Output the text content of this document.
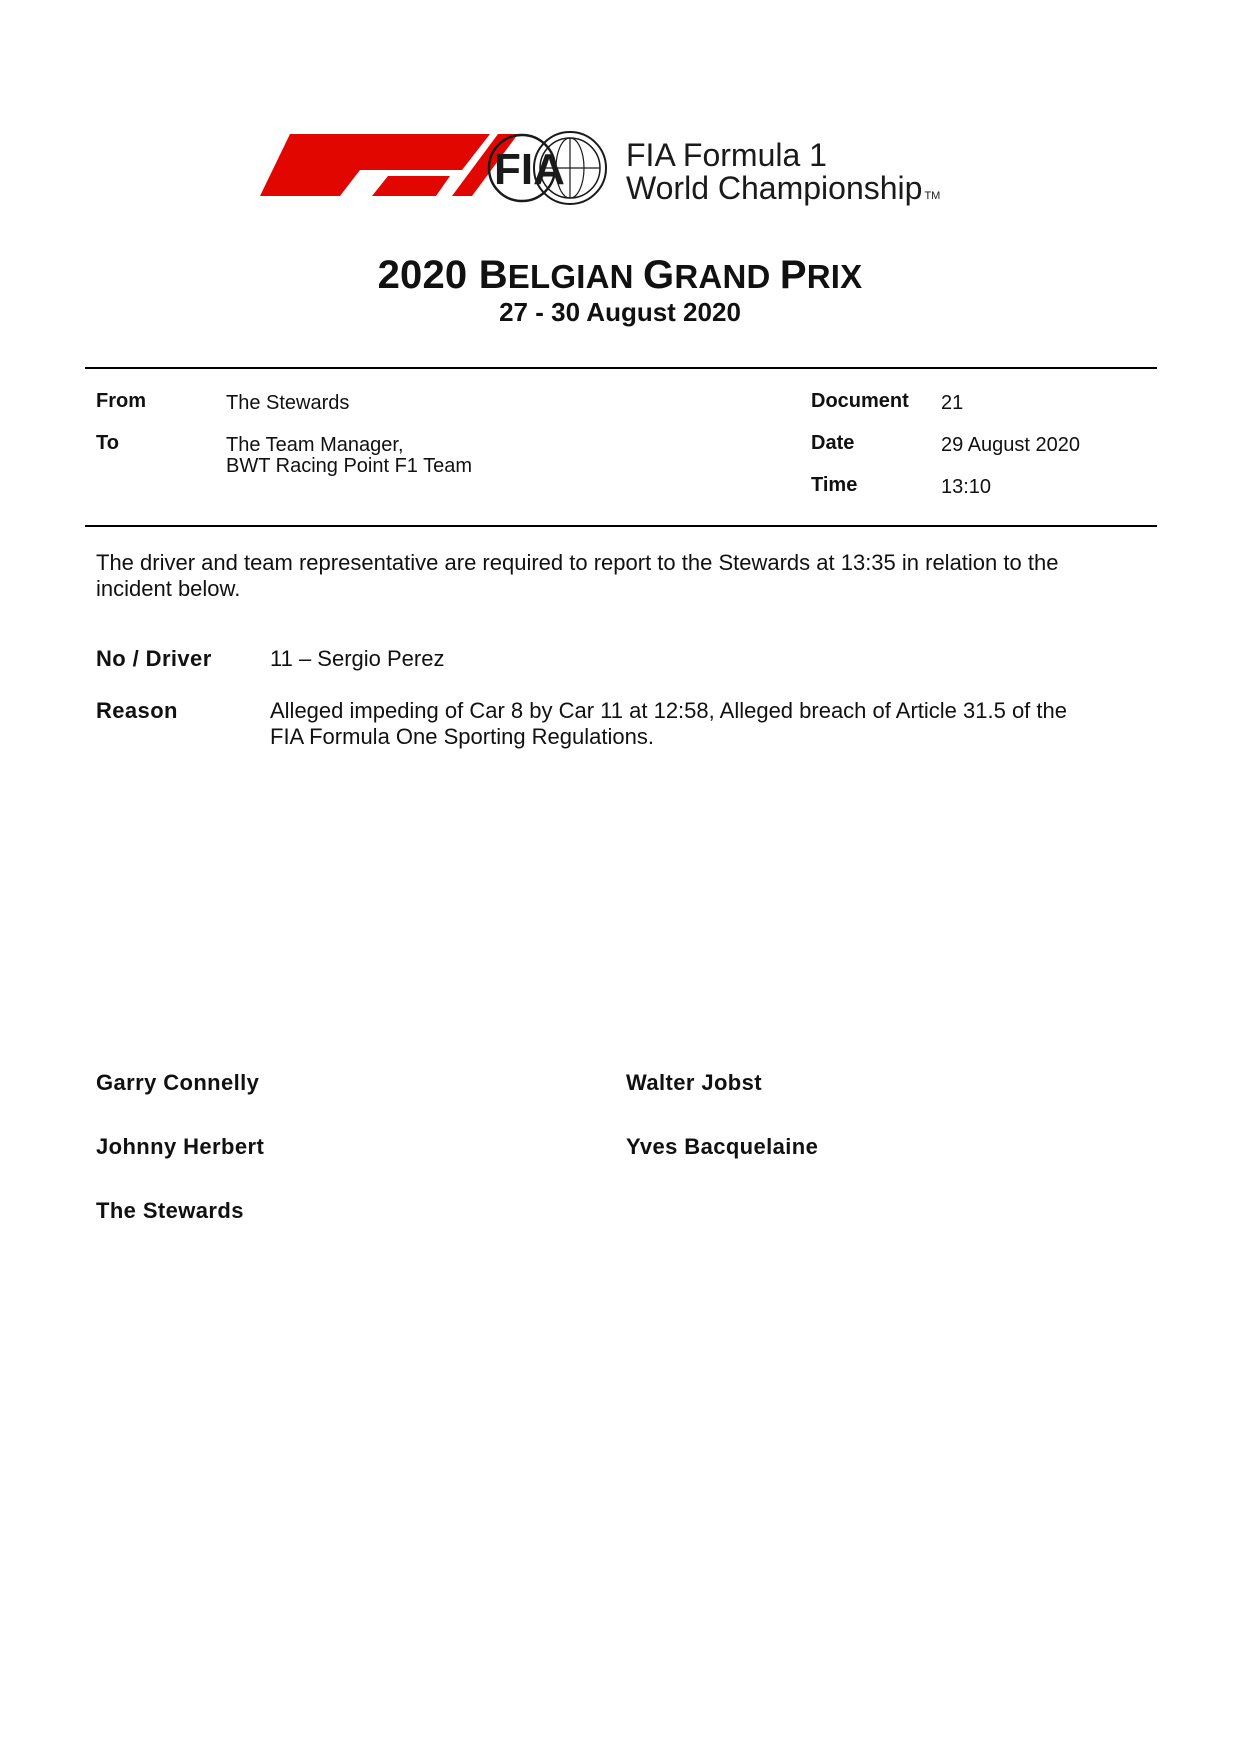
FIA FIA Formula 1
World Championship TM
2020 BELGIAN GRAND PRIX
27 - 30 August 2020
From	The Stewards
To	The Team Manager,
BWT Racing Point F1 Team
Document 21
Date	29 August 2020
Time	13:10
The driver and team representative are required to report to the Stewards at 13:35 in relation to the
incident below.
No / Driver	11 – Sergio Perez
Reason	Alleged impeding of Car 8 by Car 11 at 12:58, Alleged breach of Article 31.5 of the
FIA Formula One Sporting Regulations.
Garry Connelly	Walter Jobst
Johnny Herbert	Yves Bacquelaine
The Stewards
